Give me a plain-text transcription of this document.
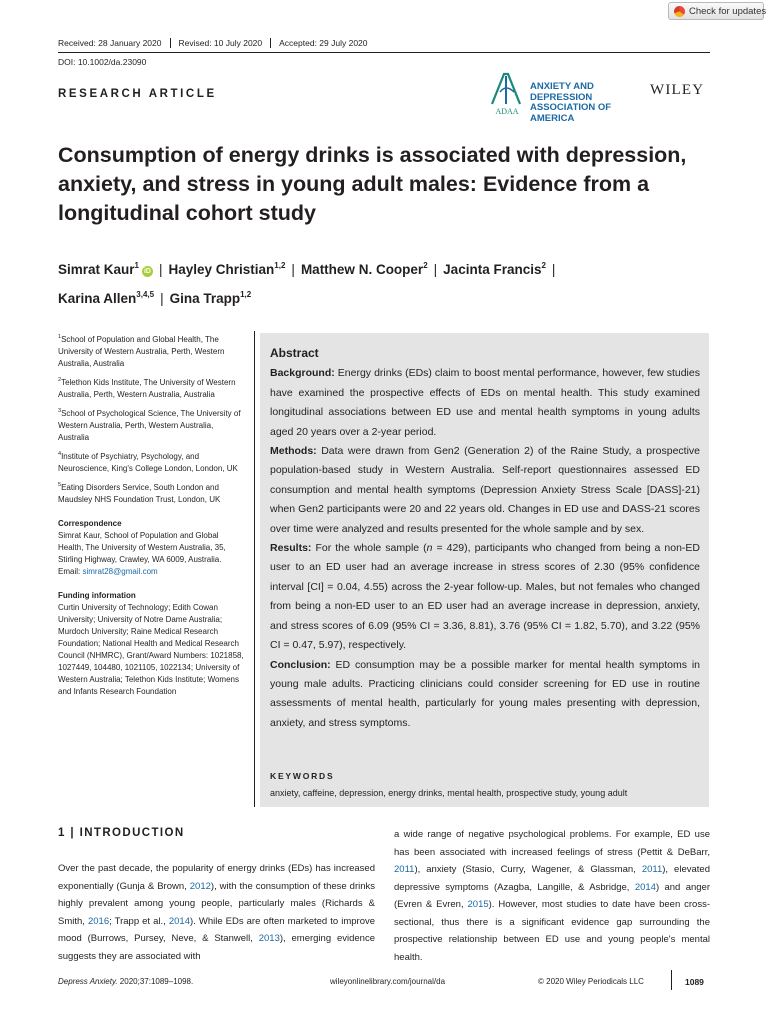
Check for updates
Received: 28 January 2020	Revised: 10 July 2020	Accepted: 29 July 2020
DOI: 10.1002/da.23090
RESEARCH ARTICLE
ADAA
ANXIETY AND DEPRESSION
ASSOCIATION OF AMERICA
WILEY
Consumption of energy drinks is associated with depression, anxiety, and stress in young adult males: Evidence from a longitudinal cohort study
Simrat Kaur$^1$iD | Hayley Christian$^{1,2}$ | Matthew N. Cooper$^2$ | Jacinta Francis$^2$ |
Karina Allen$^{3,4,5}$ | Gina Trapp$^{1,2}$

$^1$School of Population and Global Health, The University of Western Australia, Perth, Western Australia, Australia

$^2$Telethon Kids Institute, The University of Western Australia, Perth, Western Australia, Australia

$^3$School of Psychological Science, The University of Western Australia, Perth, Western Australia, Australia

$^4$Institute of Psychiatry, Psychology, and Neuroscience, King's College London, London, UK

$^5$Eating Disorders Service, South London and Maudsley NHS Foundation Trust, London, UK

Correspondence

Simrat Kaur, School of Population and Global Health, The University of Western Australia, 35, Stirling Highway, Crawley, WA 6009, Australia.
Email: simrat28@gmail.com

Funding information

Curtin University of Technology; Edith Cowan University; University of Notre Dame Australia; Murdoch University; Raine Medical Research Foundation; National Health and Medical Research Council (NHMRC), Grant/Award Numbers: 1021858, 1027449, 104480, 1021105, 1022134; University of Western Australia; Telethon Kids Institute; Womens and Infants Research Foundation

Abstract

Background: Energy drinks (EDs) claim to boost mental performance, however, few studies have examined the prospective effects of EDs on mental health. This study examined longitudinal associations between ED use and mental health symptoms in young adults aged 20 years over a 2-year period.

Methods: Data were drawn from Gen2 (Generation 2) of the Raine Study, a prospective population-based study in Western Australia. Self-report questionnaires assessed ED consumption and mental health symptoms (Depression Anxiety Stress Scale [DASS]-21) when Gen2 participants were 20 and 22 years old. Changes in ED use and DASS-21 scores over time were analyzed and results presented for the whole sample and by sex.

Results: For the whole sample (n = 429), participants who changed from being a non-ED user to an ED user had an average increase in stress scores of 2.30 (95% confidence interval [CI] = 0.04, 4.55) across the 2-year follow-up. Males, but not females who changed from being a non-ED user to an ED user had an average increase in depression, anxiety, and stress scores of 6.09 (95% CI = 3.36, 8.81), 3.76 (95% CI = 1.82, 5.70), and 3.22 (95% CI = 0.47, 5.97), respectively.

Conclusion: ED consumption may be a possible marker for mental health symptoms in young male adults. Practicing clinicians could consider screening for ED use in routine assessments of mental health, particularly for young males presenting with depression, anxiety, and stress symptoms.

KEYWORDS
anxiety, caffeine, depression, energy drinks, mental health, prospective study, young adult
1 | INTRODUCTION

Over the past decade, the popularity of energy drinks (EDs) has increased exponentially (Gunja & Brown, 2012), with the consumption of these drinks highly prevalent among young people, particularly males (Richards & Smith, 2016; Trapp et al., 2014). While EDs are often marketed to improve mood (Burrows, Pursey, Neve, & Stanwell, 2013), emerging evidence suggests they are associated with

a wide range of negative psychological problems. For example, ED use has been associated with increased feelings of stress (Pettit & DeBarr, 2011), anxiety (Stasio, Curry, Wagener, & Glassman, 2011), elevated depressive symptoms (Azagba, Langille, & Asbridge, 2014) and anger (Evren & Evren, 2015). However, most studies to date have been cross-sectional, thus there is a significant evidence gap surrounding the prospective relationship between ED use and young people's mental health.

Depress Anxiety. 2020;37:1089–1098.	wileyonlinelibrary.com/journal/da	© 2020 Wiley Periodicals LLC	1089
